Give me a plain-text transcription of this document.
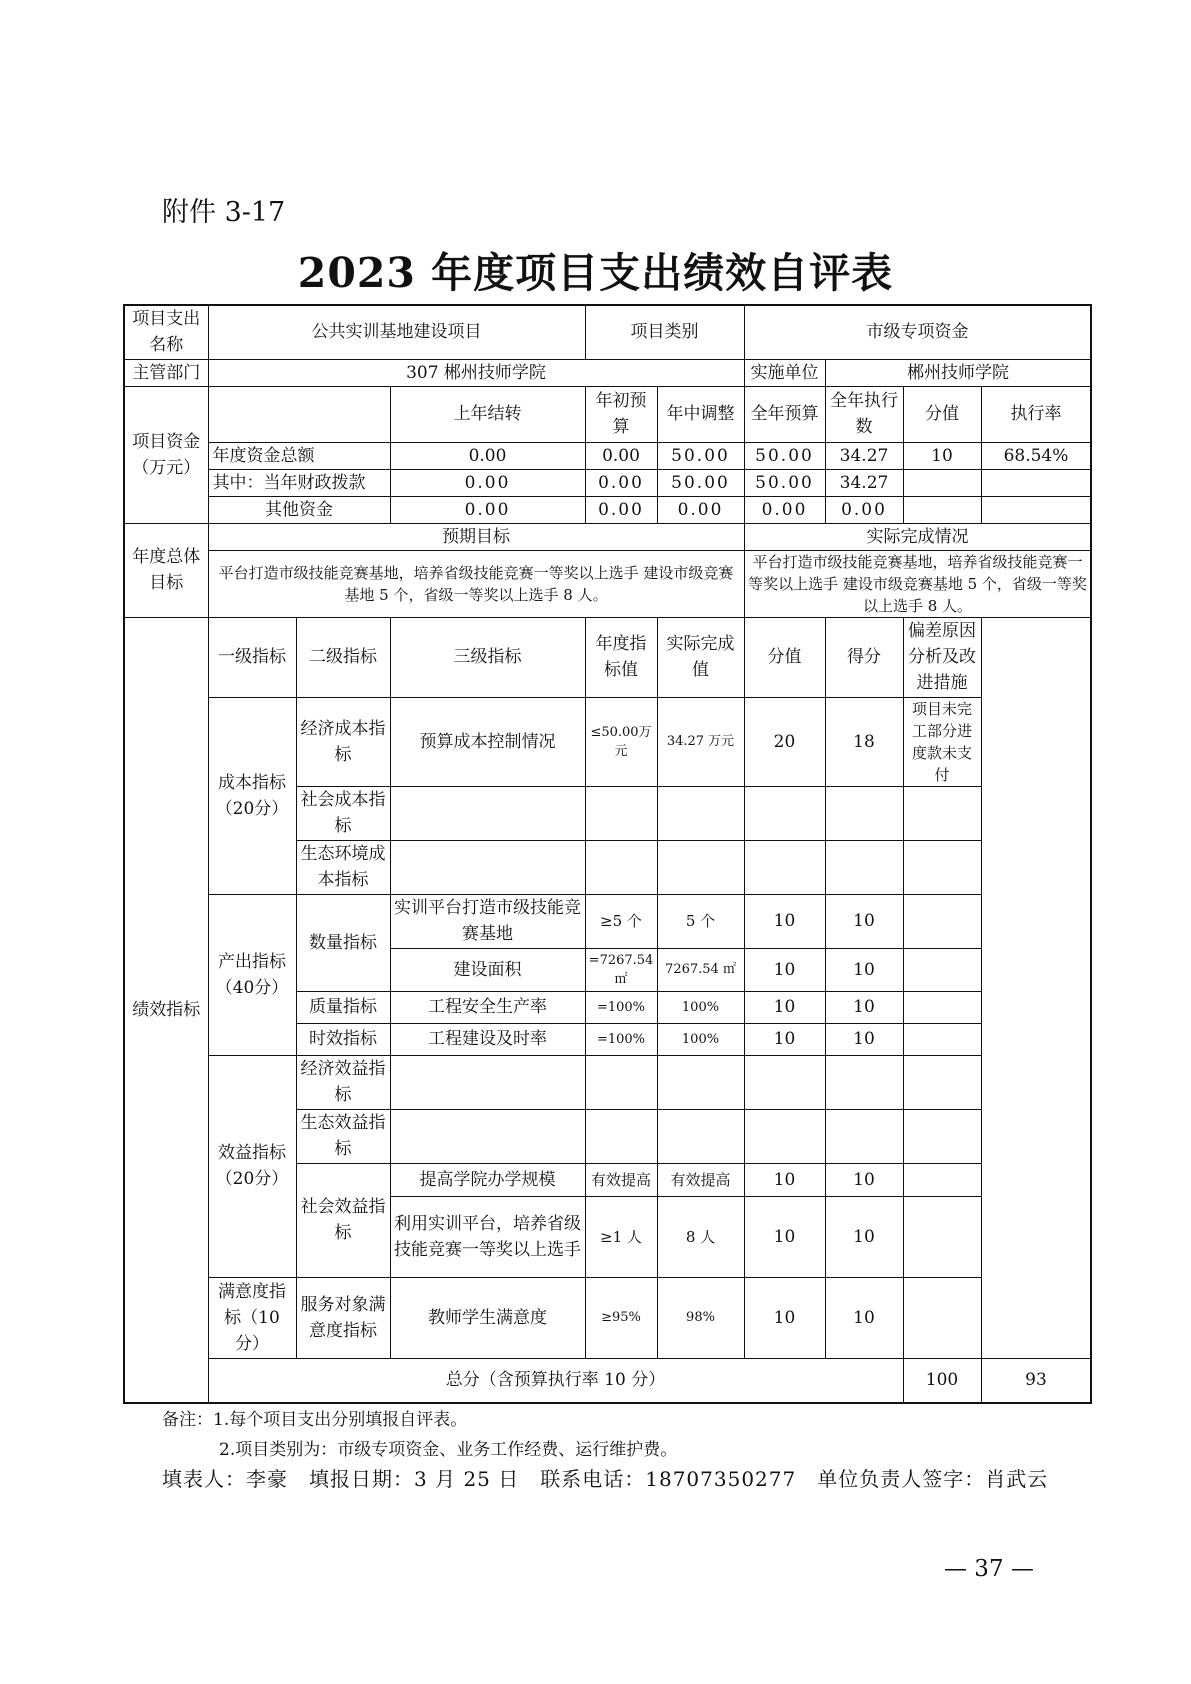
附件 3-17
2023 年度项目支出绩效自评表
项目支出名称	公共实训基地建设项目			项目类别		市级专项资金				
主管部门	307 郴州技师学院					实施单位	郴州技师学院			
项目资金（万元）			上年结转	年初预算	年中调整	全年预算	全年执行数	分值	执行率	
	年度资金总额		0.00	0.00	50.00	50.00	34.27	10	68.54%	
	其中：当年财政拨款		0.00	0.00	50.00	50.00	34.27			
	其他资金		0.00	0.00	0.00	0.00	0.00			
年度总体目标	预期目标					实际完成情况				
	平台打造市级技能竞赛基地，培养省级技能竞赛一等奖以上选手 建设市级竞赛基地 5 个，省级一等奖以上选手 8 人。					平台打造市级技能竞赛基地，培养省级技能竞赛一等奖以上选手 建设市级竞赛基地 5 个，省级一等奖以上选手 8 人。				
绩效指标	一级指标	二级指标	三级指标	年度指标值	实际完成值	分值	得分	偏差原因分析及改进措施		
	成本指标（20分）	经济成本指标	预算成本控制情况	≤50.00万元	34.27 万元	20	18	项目未完工部分进度款未支付		
		社会成本指标								
		生态环境成本指标								
	产出指标（40分）	数量指标	实训平台打造市级技能竞赛基地	≥5 个	5 个	10	10			
			建设面积	=7267.54㎡	7267.54 ㎡	10	10			
		质量指标	工程安全生产率	=100%	100%	10	10			
		时效指标	工程建设及时率	=100%	100%	10	10			
	效益指标（20分）	经济效益指标								
		生态效益指标								
		社会效益指标	提高学院办学规模	有效提高	有效提高	10	10			
			利用实训平台，培养省级技能竞赛一等奖以上选手	≥1 人	8 人	10	10			
	满意度指标（10分）	服务对象满意度指标	教师学生满意度	≥95%	98%	10	10			
	总分（含预算执行率 10 分）							100	93	
备注：1.每个项目支出分别填报自评表。
2.项目类别为：市级专项资金、业务工作经费、运行维护费。
填表人：李豪　填报日期：3 月 25 日　联系电话：18707350277　单位负责人签字：肖武云
— 37 —
